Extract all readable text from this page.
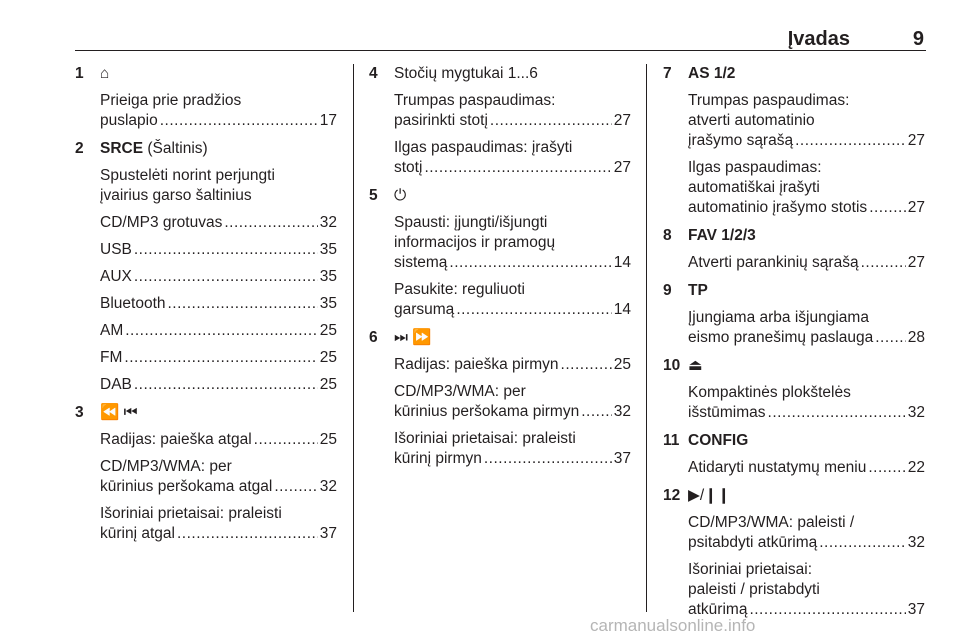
Įvadas	9
1 ⌂
Prieiga prie pradžios
puslapio .....	17
2 SRCE (Šaltinis)
Spustelėti norint perjungti
įvairius garso šaltinius
CD/MP3 grotuvas .....	32
USB .....	35
AUX .....	35
Bluetooth .....	35
AM .....	25
FM .....	25
DAB .....	25
3 ⏪ ⏮
Radijas: paieška atgal .....	25
CD/MP3/WMA: per
kūrinius peršokama atgal .....	32
Išoriniai prietaisai: praleisti
kūrinį atgal .....	37
4 Stočių mygtukai 1...6
Trumpas paspaudimas:
pasirinkti stotį .....	27
Ilgas paspaudimas: įrašyti
stotį .....	27
5 ⏻
Spausti: įjungti/išjungti
informacijos ir pramogų
sistemą .....	14
Pasukite: reguliuoti
garsumą .....	14
6 ⏭ ⏩
Radijas: paieška pirmyn .....	25
CD/MP3/WMA: per
kūrinius peršokama pirmyn ..... 32
Išoriniai prietaisai: praleisti
kūrinį pirmyn .....	37
7 AS 1/2
Trumpas paspaudimas:
atverti automatinio
įrašymo sąrašą .....	27
Ilgas paspaudimas:
automatiškai įrašyti
automatinio įrašymo stotis .....	27
8 FAV 1/2/3
Atverti parankinių sąrašą .....	27
9 TP
Įjungiama arba išjungiama
eismo pranešimų paslauga ..... 28
10 ⏏
Kompaktinės plokštelės
išstūmimas .....	32
11 CONFIG
Atidaryti nustatymų meniu .....	22
12 ▶/❙❙
CD/MP3/WMA: paleisti /
psitabdyti atkūrimą .....	32
Išoriniai prietaisai:
paleisti / pristabdyti
atkūrimą .....	37
carmanualsonline.info
